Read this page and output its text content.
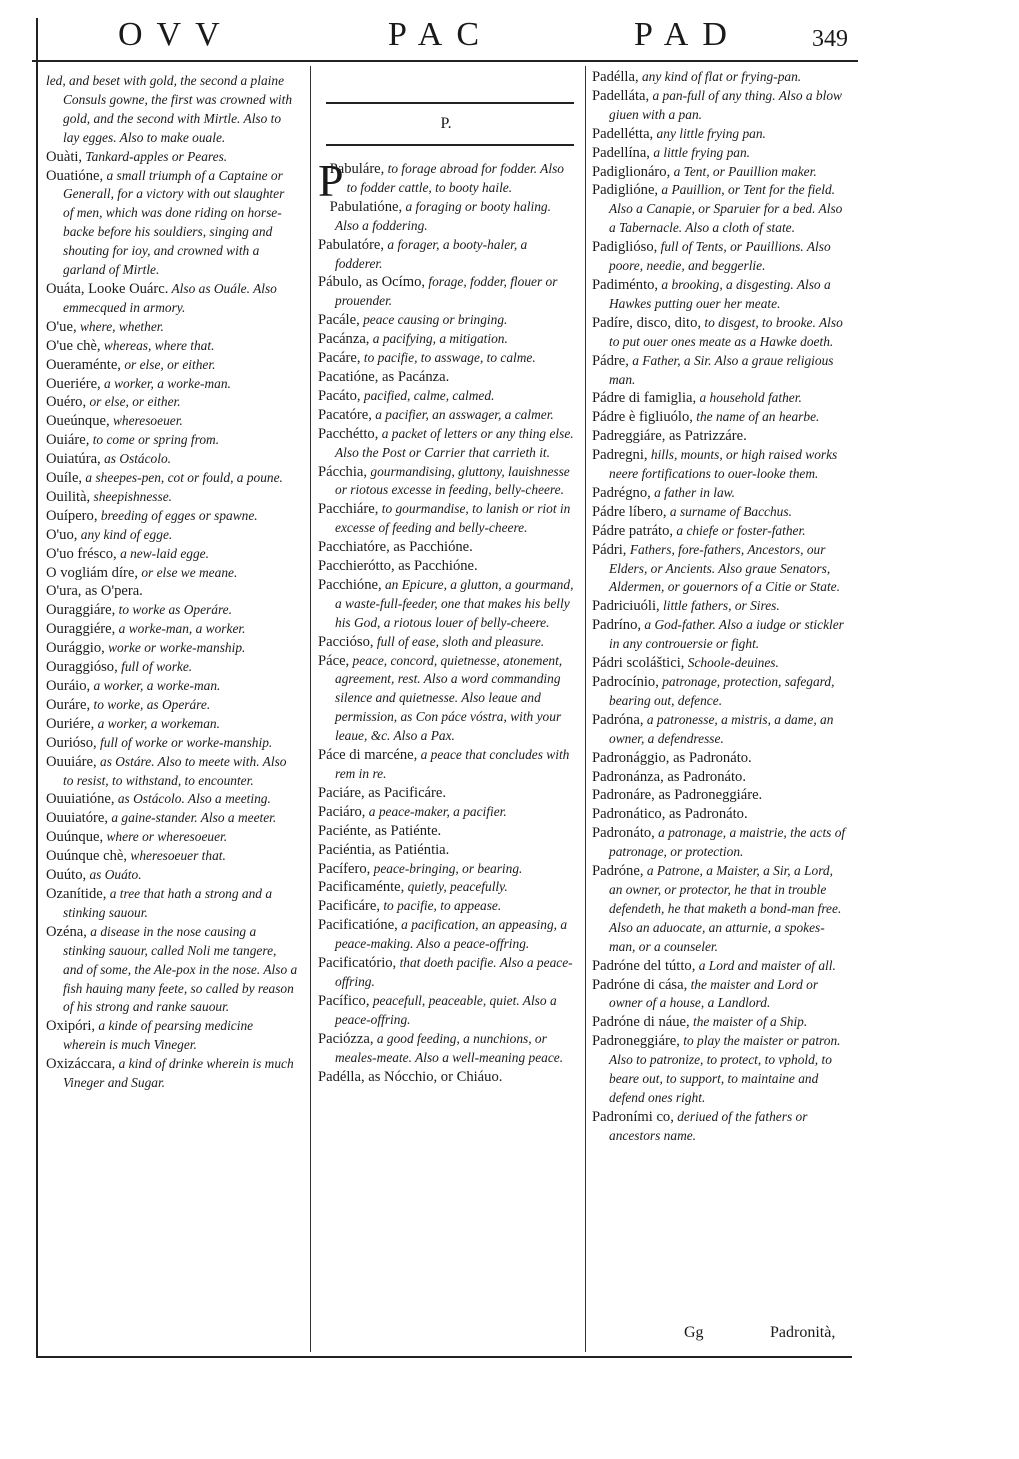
OVV	PAC	PAD	349

led, and beset with gold, the second a plaine Consuls gowne, the first was crowned with gold, and the second with Mirtle. Also to lay egges. Also to make ouale.

Ouàti, Tankard-apples or Peares.

Ouatióne, a small triumph of a Captaine or Generall, for a victory with out slaughter of men, which was done riding on horse-backe before his souldiers, singing and shouting for ioy, and crowned with a garland of Mirtle.

Ouáta, Looke Ouárc. Also as Ouále. Also emmecqued in armory.

O'ue, where, whether.

O'ue chè, whereas, where that.

Oueraménte, or else, or either.

Oueriére, a worker, a worke-man.

Ouéro, or else, or either.

Oueúnque, wheresoeuer.

Ouiáre, to come or spring from.

Ouiatúra, as Ostácolo.

Ouíle, a sheepes-pen, cot or fould, a poune.

Ouilità, sheepishnesse.

Ouípero, breeding of egges or spawne.

O'uo, any kind of egge.

O'uo frésco, a new-laid egge.

O vogliám díre, or else we meane.

O'ura, as O'pera.

Ouraggiáre, to worke as Operáre.

Ouraggiére, a worke-man, a worker.

Ourággio, worke or worke-manship.

Ouraggióso, full of worke.

Ouráio, a worker, a worke-man.

Ouráre, to worke, as Operáre.

Ouriére, a worker, a workeman.

Ourióso, full of worke or worke-manship.

Ouuiáre, as Ostáre. Also to meete with. Also to resist, to withstand, to encounter.

Ouuiatióne, as Ostácolo. Also a meeting.

Ouuiatóre, a gaine-stander. Also a meeter.

Ouúnque, where or wheresoeuer.

Ouúnque chè, wheresoeuer that.

Ouúto, as Ouáto.

Ozanítide, a tree that hath a strong and a stinking sauour.

Ozéna, a disease in the nose causing a stinking sauour, called Noli me tangere, and of some, the Ale-pox in the nose. Also a fish hauing many feete, so called by reason of his strong and ranke sauour.

Oxipóri, a kinde of pearsing medicine wherein is much Vineger.

Oxizáccara, a kind of drinke wherein is much Vineger and Sugar.

P.

P
Pabuláre, to forage abroad for fodder. Also to fodder cattle, to booty haile.

Pabulatióne, a foraging or booty haling. Also a foddering.

Pabulatóre, a forager, a booty-haler, a fodderer.

Pábulo, as Ocímo, forage, fodder, flouer or prouender.

Pacále, peace causing or bringing.

Pacánza, a pacifying, a mitigation.

Pacáre, to pacifie, to asswage, to calme.

Pacatióne, as Pacánza.

Pacáto, pacified, calme, calmed.

Pacatóre, a pacifier, an asswager, a calmer.

Pacchétto, a packet of letters or any thing else. Also the Post or Carrier that carrieth it.

Pácchia, gourmandising, gluttony, lauishnesse or riotous excesse in feeding, belly-cheere.

Pacchiáre, to gourmandise, to lanish or riot in excesse of feeding and belly-cheere.

Pacchiatóre, as Pacchióne.

Pacchierótto, as Pacchióne.

Pacchióne, an Epicure, a glutton, a gourmand, a waste-full-feeder, one that makes his belly his God, a riotous louer of belly-cheere.

Paccióso, full of ease, sloth and pleasure.

Páce, peace, concord, quietnesse, atonement, agreement, rest. Also a word commanding silence and quietnesse. Also leaue and permission, as Con páce vóstra, with your leaue, &c. Also a Pax.

Páce di marcéne, a peace that concludes with rem in re.

Paciáre, as Pacificáre.

Paciáro, a peace-maker, a pacifier.

Paciénte, as Patiénte.

Paciéntia, as Patiéntia.

Pacífero, peace-bringing, or bearing.

Pacificaménte, quietly, peacefully.

Pacificáre, to pacifie, to appease.

Pacificatióne, a pacification, an appeasing, a peace-making. Also a peace-offring.

Pacificatório, that doeth pacifie. Also a peace-offring.

Pacífico, peacefull, peaceable, quiet. Also a peace-offring.

Paciózza, a good feeding, a nunchions, or meales-meate. Also a well-meaning peace.

Padélla, as Nócchio, or Chiáuo.

Padélla, any kind of flat or frying-pan.

Padelláta, a pan-full of any thing. Also a blow giuen with a pan.

Padellétta, any little frying pan.

Padellína, a little frying pan.

Padiglionáro, a Tent, or Pauillion maker.

Padiglióne, a Pauillion, or Tent for the field. Also a Canapie, or Sparuier for a bed. Also a Tabernacle. Also a cloth of state.

Padiglióso, full of Tents, or Pauillions. Also poore, needie, and beggerlie.

Padiménto, a brooking, a disgesting. Also a Hawkes putting ouer her meate.

Padíre, disco, dito, to disgest, to brooke. Also to put ouer ones meate as a Hawke doeth.

Pádre, a Father, a Sir. Also a graue religious man.

Pádre di famiglia, a household father.

Pádre è figliuólo, the name of an hearbe.

Padreggiáre, as Patrizzáre.

Padregni, hills, mounts, or high raised works neere fortifications to ouer-looke them.

Padrégno, a father in law.

Pádre líbero, a surname of Bacchus.

Pádre patráto, a chiefe or foster-father.

Pádri, Fathers, fore-fathers, Ancestors, our Elders, or Ancients. Also graue Senators, Aldermen, or gouernors of a Citie or State.

Padriciuóli, little fathers, or Sires.

Padríno, a God-father. Also a iudge or stickler in any controuersie or fight.

Pádri scoláštici, Schoole-deuines.

Padrocínio, patronage, protection, safegard, bearing out, defence.

Padróna, a patronesse, a mistris, a dame, an owner, a defendresse.

Padronággio, as Padronáto.

Padronánza, as Padronáto.

Padronáre, as Padroneggiáre.

Padronático, as Padronáto.

Padronáto, a patronage, a maistrie, the acts of patronage, or protection.

Padróne, a Patrone, a Maister, a Sir, a Lord, an owner, or protector, he that in trouble defendeth, he that maketh a bond-man free. Also an aduocate, an atturnie, a spokes-man, or a counseler.

Padróne del tútto, a Lord and maister of all.

Padróne di cása, the maister and Lord or owner of a house, a Landlord.

Padróne di náue, the maister of a Ship.

Padroneggiáre, to play the maister or patron. Also to patronize, to protect, to vphold, to beare out, to support, to maintaine and defend ones right.

Padroními co, deriued of the fathers or ancestors name.

Gg	Padronità,
